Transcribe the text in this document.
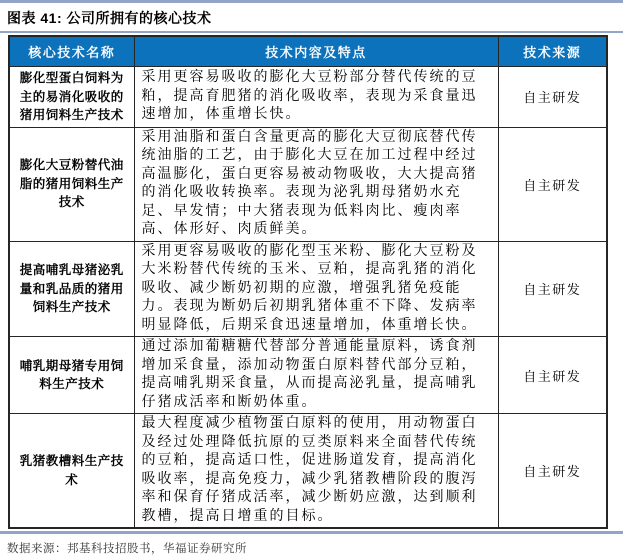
图表 41: 公司所拥有的核心技术
核心技术名称	技术内容及特点	技术来源
膨化型蛋白饲料为主的易消化吸收的猪用饲料生产技术	采用更容易吸收的膨化大豆粉部分替代传统的豆粕，提高育肥猪的消化吸收率，表现为采食量迅速增加，体重增长快。	自主研发
膨化大豆粉替代油脂的猪用饲料生产技术	采用油脂和蛋白含量更高的膨化大豆彻底替代传统油脂的工艺，由于膨化大豆在加工过程中经过高温膨化，蛋白更容易被动物吸收，大大提高猪的消化吸收转换率。表现为泌乳期母猪奶水充足、早发情；中大猪表现为低料肉比、瘦肉率高、体形好、肉质鲜美。	自主研发
提高哺乳母猪泌乳量和乳品质的猪用饲料生产技术	采用更容易吸收的膨化型玉米粉、膨化大豆粉及大米粉替代传统的玉米、豆粕，提高乳猪的消化吸收、减少断奶初期的应激，增强乳猪免疫能力。表现为断奶后初期乳猪体重不下降、发病率明显降低，后期采食迅速量增加，体重增长快。	自主研发
哺乳期母猪专用饲料生产技术	通过添加葡糖糖代替部分普通能量原料，诱食剂增加采食量，添加动物蛋白原料替代部分豆粕，提高哺乳期采食量，从而提高泌乳量，提高哺乳仔猪成活率和断奶体重。	自主研发
乳猪教槽料生产技术	最大程度减少植物蛋白原料的使用，用动物蛋白及经过处理降低抗原的豆类原料来全面替代传统的豆粕，提高适口性，促进肠道发育，提高消化吸收率，提高免疫力，减少乳猪教槽阶段的腹泻率和保育仔猪成活率，减少断奶应激，达到顺利教槽，提高日增重的目标。	自主研发
数据来源：邦基科技招股书，华福证券研究所
